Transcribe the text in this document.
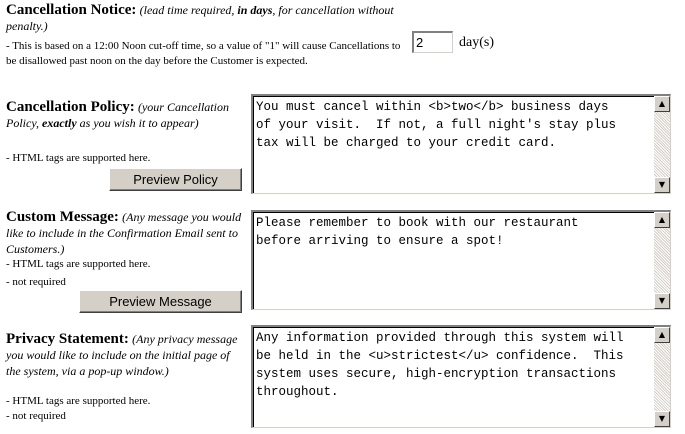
Cancellation Notice: (lead time required, in days, for cancellation without penalty.)
- This is based on a 12:00 Noon cut-off time, so a value of "1" will cause Cancellations to be disallowed past noon on the day before the Customer is expected.
2
day(s)
Cancellation Policy: (your Cancellation Policy, exactly as you wish it to appear)
- HTML tags are supported here.
Preview Policy
You must cancel within <b>two</b> business days
of your visit.  If not, a full night's stay plus
tax will be charged to your credit card.
▲
▼
Custom Message: (Any message you would like to include in the Confirmation Email sent to Customers.)
- HTML tags are supported here.
- not required
Preview Message
Please remember to book with our restaurant
before arriving to ensure a spot!
▲
▼
Privacy Statement: (Any privacy message you would like to include on the initial page of the system, via a pop-up window.)
- HTML tags are supported here.
- not required
Any information provided through this system will
be held in the <u>strictest</u> confidence.  This
system uses secure, high-encryption transactions
throughout.
▲
▼
